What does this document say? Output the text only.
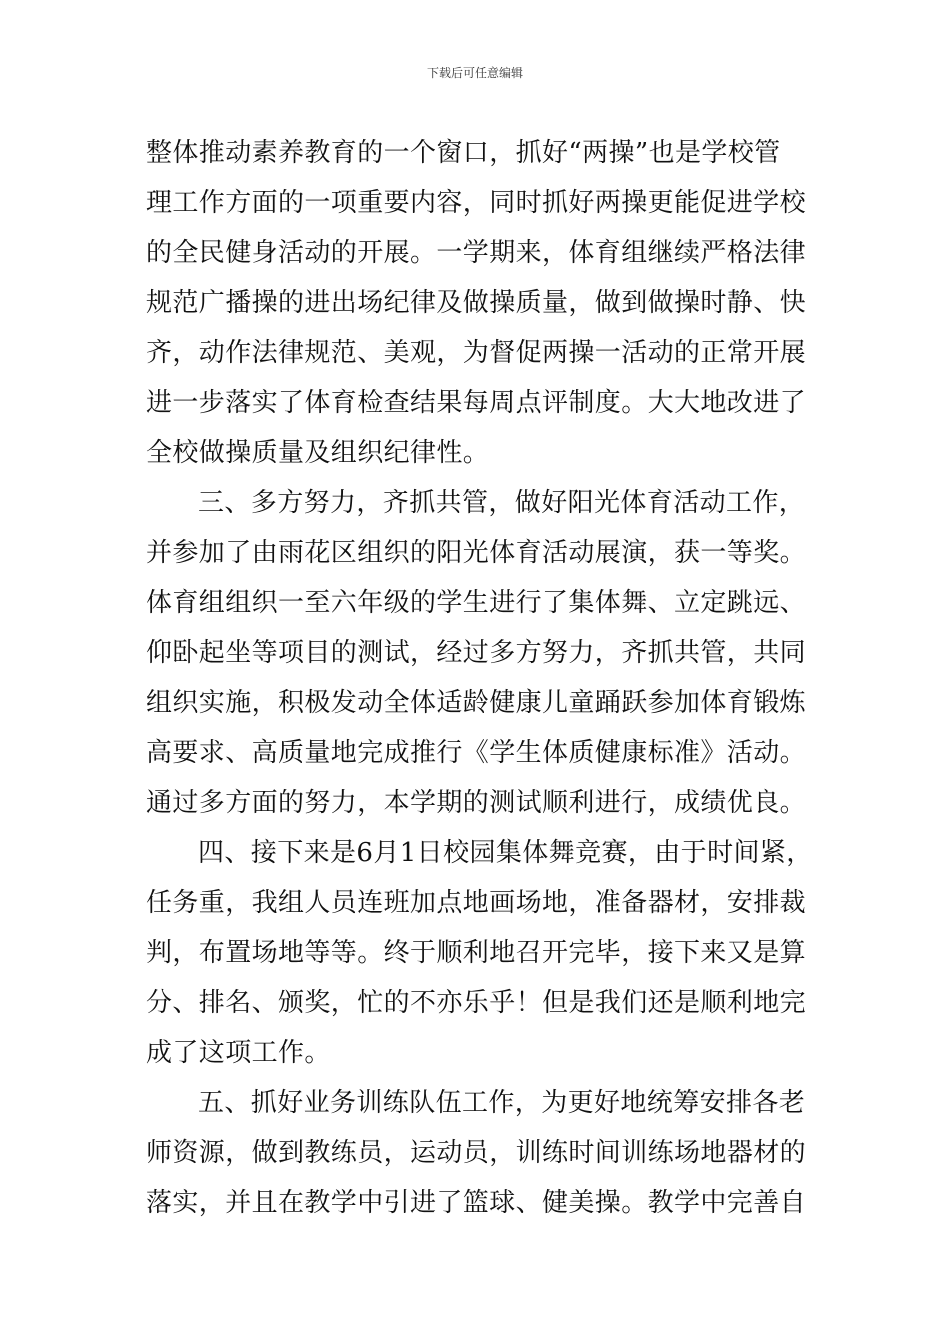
下载后可任意编辑
整体推动素养教育的一个窗口，抓好“两操”也是学校管
理工作方面的一项重要内容，同时抓好两操更能促进学校
的全民健身活动的开展。一学期来，体育组继续严格法律
规范广播操的进出场纪律及做操质量，做到做操时静、快
齐，动作法律规范、美观，为督促两操一活动的正常开展
进一步落实了体育检查结果每周点评制度。大大地改进了
全校做操质量及组织纪律性。
三、多方努力，齐抓共管，做好阳光体育活动工作，
并参加了由雨花区组织的阳光体育活动展演，获一等奖。
体育组组织一至六年级的学生进行了集体舞、立定跳远、
仰卧起坐等项目的测试，经过多方努力，齐抓共管，共同
组织实施，积极发动全体适龄健康儿童踊跃参加体育锻炼
高要求、高质量地完成推行《学生体质健康标准》活动。
通过多方面的努力，本学期的测试顺利进行，成绩优良。
四、接下来是6月1日校园集体舞竞赛，由于时间紧，
任务重，我组人员连班加点地画场地，准备器材，安排裁
判，布置场地等等。终于顺利地召开完毕，接下来又是算
分、排名、颁奖，忙的不亦乐乎！但是我们还是顺利地完
成了这项工作。
五、抓好业务训练队伍工作，为更好地统筹安排各老
师资源，做到教练员，运动员，训练时间训练场地器材的
落实，并且在教学中引进了篮球、健美操。教学中完善自
